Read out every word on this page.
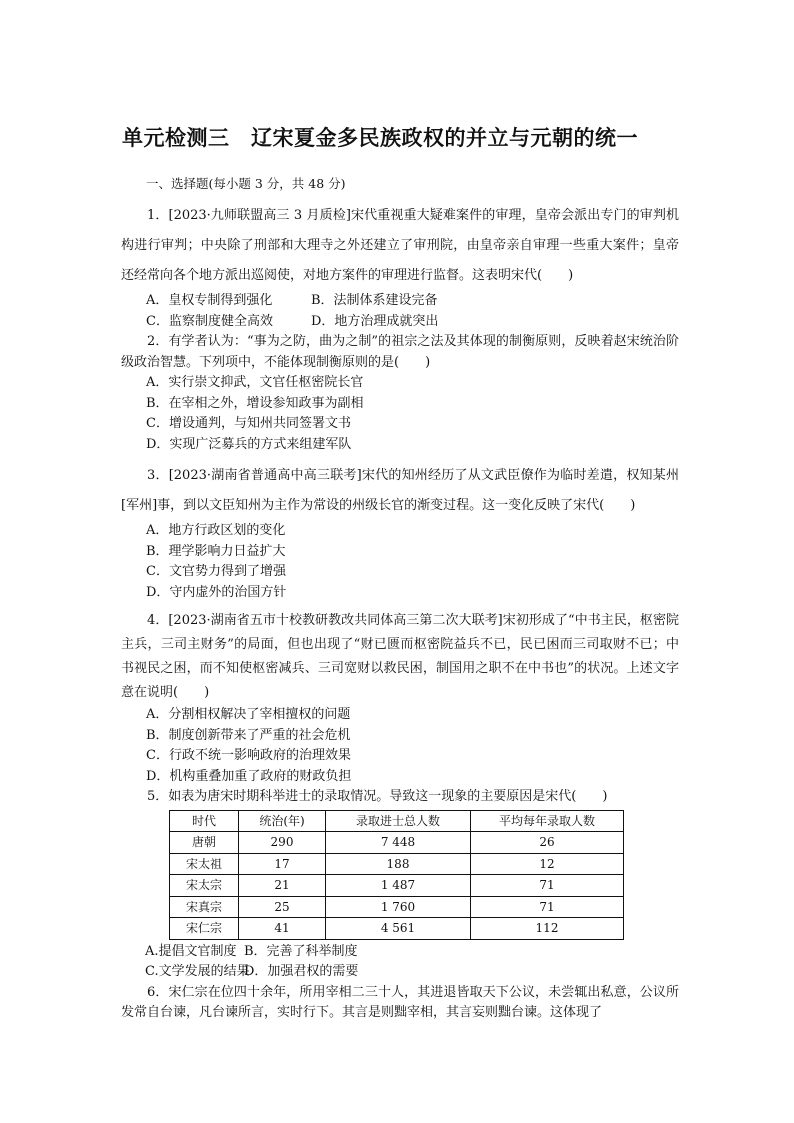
单元检测三　辽宋夏金多民族政权的并立与元朝的统一
一、选择题(每小题 3 分，共 48 分)

1．[2023·九师联盟高三 3 月质检]宋代重视重大疑难案件的审理，皇帝会派出专门的审判机构进行审判；中央除了刑部和大理寺之外还建立了审刑院，由皇帝亲自审理一些重大案件；皇帝还经常向各个地方派出巡阅使，对地方案件的审理进行监督。这表明宋代(　　)

A．皇权专制得到强化	B．法制体系建设完备
C．监察制度健全高效	D．地方治理成就突出

2．有学者认为：“事为之防，曲为之制”的祖宗之法及其体现的制衡原则，反映着赵宋统治阶级政治智慧。下列项中，不能体现制衡原则的是(　　)

A．实行崇文抑武，文官任枢密院长官
B．在宰相之外，增设参知政事为副相
C．增设通判，与知州共同签署文书
D．实现广泛募兵的方式来组建军队

3．[2023·湖南省普通高中高三联考]宋代的知州经历了从文武臣僚作为临时差遣，权知某州[军州]事，到以文臣知州为主作为常设的州级长官的渐变过程。这一变化反映了宋代(　　)

A．地方行政区划的变化
B．理学影响力日益扩大
C．文官势力得到了增强
D．守内虚外的治国方针

4．[2023·湖南省五市十校教研教改共同体高三第二次大联考]宋初形成了“中书主民，枢密院主兵，三司主财务”的局面，但也出现了“财已匮而枢密院益兵不已，民已困而三司取财不已；中书视民之困，而不知使枢密减兵、三司宽财以救民困，制国用之职不在中书也”的状况。上述文字意在说明(　　)

A．分割相权解决了宰相擅权的问题
B．制度创新带来了严重的社会危机
C．行政不统一影响政府的治理效果
D．机构重叠加重了政府的财政负担

5．如表为唐宋时期科举进士的录取情况。导致这一现象的主要原因是宋代(　　)

时代	统治(年)	录取进士总人数	平均每年录取人数
唐朝	290	7 448	26
宋太祖	17	188	12
宋太宗	21	1 487	71
宋真宗	25	1 760	71
宋仁宗	41	4 561	112
A.提倡文官制度 B．完善了科举制度
C.文学发展的结果D．加强君权的需要

6．宋仁宗在位四十余年，所用宰相二三十人，其进退皆取天下公议，未尝辄出私意，公议所发常自台谏，凡台谏所言，实时行下。其言是则黜宰相，其言妄则黜台谏。这体现了
